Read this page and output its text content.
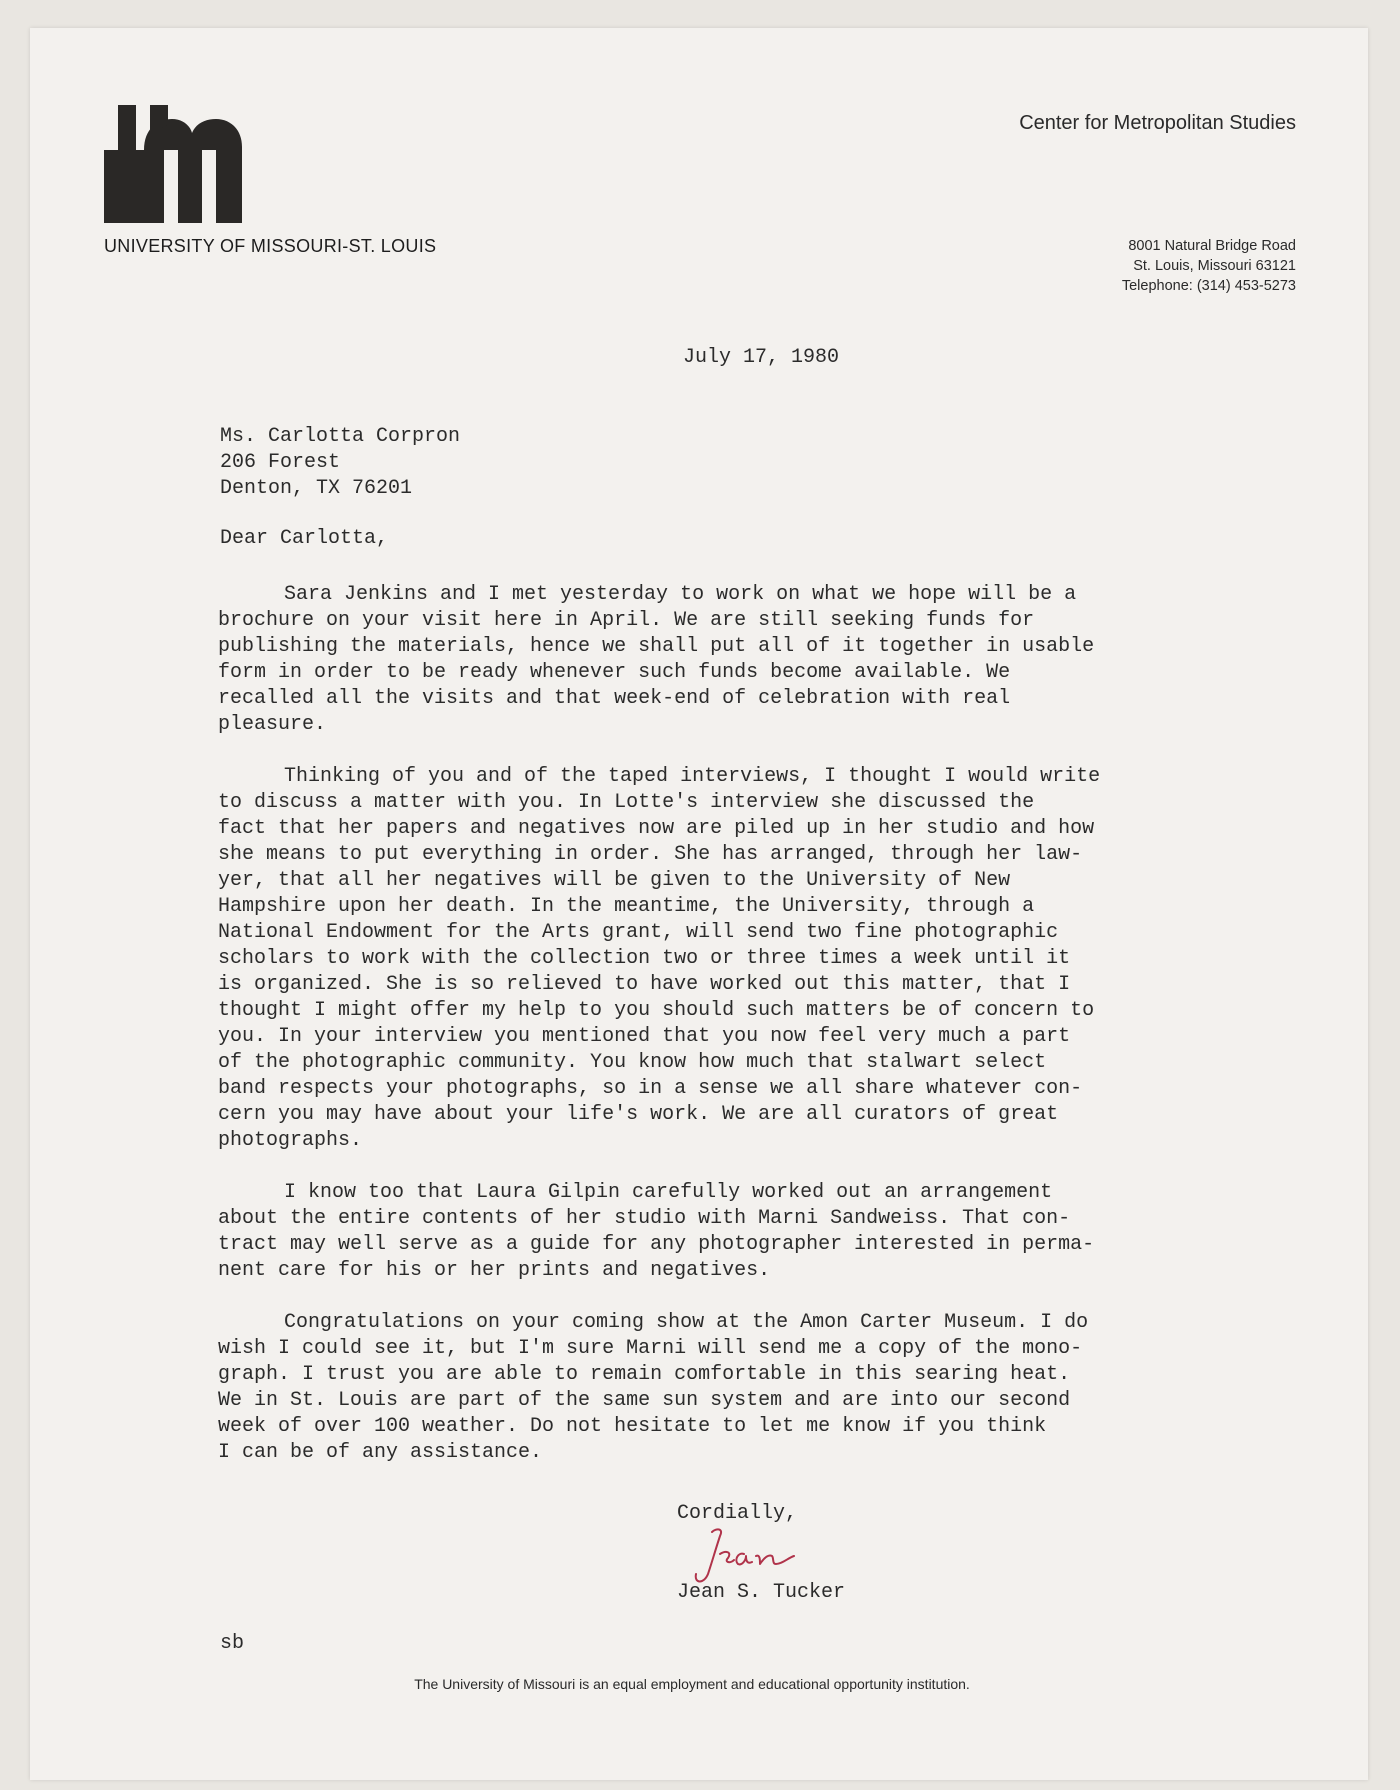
UNIVERSITY OF MISSOURI-ST. LOUIS
Center for Metropolitan Studies
8001 Natural Bridge Road
St. Louis, Missouri 63121
Telephone: (314) 453-5273
July 17, 1980
Ms. Carlotta Corpron
206 Forest
Denton, TX 76201
Dear Carlotta,
Sara Jenkins and I met yesterday to work on what we hope will be a
brochure on your visit here in April. We are still seeking funds for
publishing the materials, hence we shall put all of it together in usable
form in order to be ready whenever such funds become available. We
recalled all the visits and that week-end of celebration with real
pleasure.
Thinking of you and of the taped interviews, I thought I would write
to discuss a matter with you. In Lotte's interview she discussed the
fact that her papers and negatives now are piled up in her studio and how
she means to put everything in order. She has arranged, through her law-
yer, that all her negatives will be given to the University of New
Hampshire upon her death. In the meantime, the University, through a
National Endowment for the Arts grant, will send two fine photographic
scholars to work with the collection two or three times a week until it
is organized. She is so relieved to have worked out this matter, that I
thought I might offer my help to you should such matters be of concern to
you. In your interview you mentioned that you now feel very much a part
of the photographic community. You know how much that stalwart select
band respects your photographs, so in a sense we all share whatever con-
cern you may have about your life's work. We are all curators of great
photographs.
I know too that Laura Gilpin carefully worked out an arrangement
about the entire contents of her studio with Marni Sandweiss. That con-
tract may well serve as a guide for any photographer interested in perma-
nent care for his or her prints and negatives.
Congratulations on your coming show at the Amon Carter Museum. I do
wish I could see it, but I'm sure Marni will send me a copy of the mono-
graph. I trust you are able to remain comfortable in this searing heat.
We in St. Louis are part of the same sun system and are into our second
week of over 100 weather. Do not hesitate to let me know if you think
I can be of any assistance.
Cordially,
Jean S. Tucker
sb
The University of Missouri is an equal employment and educational opportunity institution.
